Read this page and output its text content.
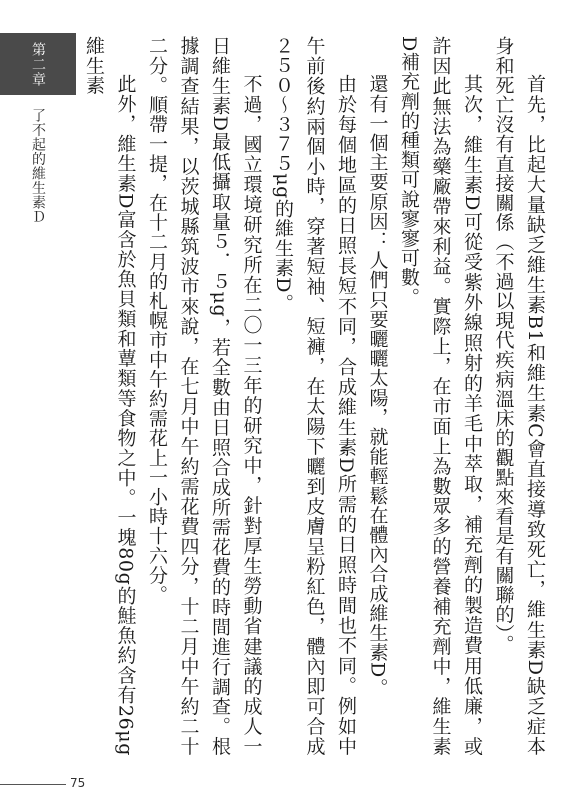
第二章
了不起的維生素Ｄ	首先，比起大量缺乏維生素B1和維生素C會直接導致死亡，維生素D缺乏症本身和死亡沒有直接關係（不過以現代疾病溫床的觀點來看是有關聯的）。

其次，維生素D可從受紫外線照射的羊毛中萃取，補充劑的製造費用低廉，或許因此無法為藥廠帶來利益。實際上，在市面上為數眾多的營養補充劑中，維生素D補充劑的種類可說寥寥可數。

還有一個主要原因：人們只要曬曬太陽，就能輕鬆在體內合成維生素D。

由於每個地區的日照長短不同，合成維生素D所需的日照時間也不同。例如中午前後約兩個小時，穿著短袖、短褲，在太陽下曬到皮膚呈粉紅色，體內即可合成２５０～３７５μg的維生素D。

不過，國立環境研究所在二〇一三年的研究中，針對厚生勞動省建議的成人一日維生素D最低攝取量５．５μg，若全數由日照合成所需花費的時間進行調查。根據調查結果，以茨城縣筑波市來說，在七月中午約需花費四分，十二月中午約二十二分。順帶一提，在十二月的札幌市中午約需花上一小時十六分。

此外，維生素D富含於魚貝類和蕈類等食物之中。一塊80g的鮭魚約含有26μg維生素

75
